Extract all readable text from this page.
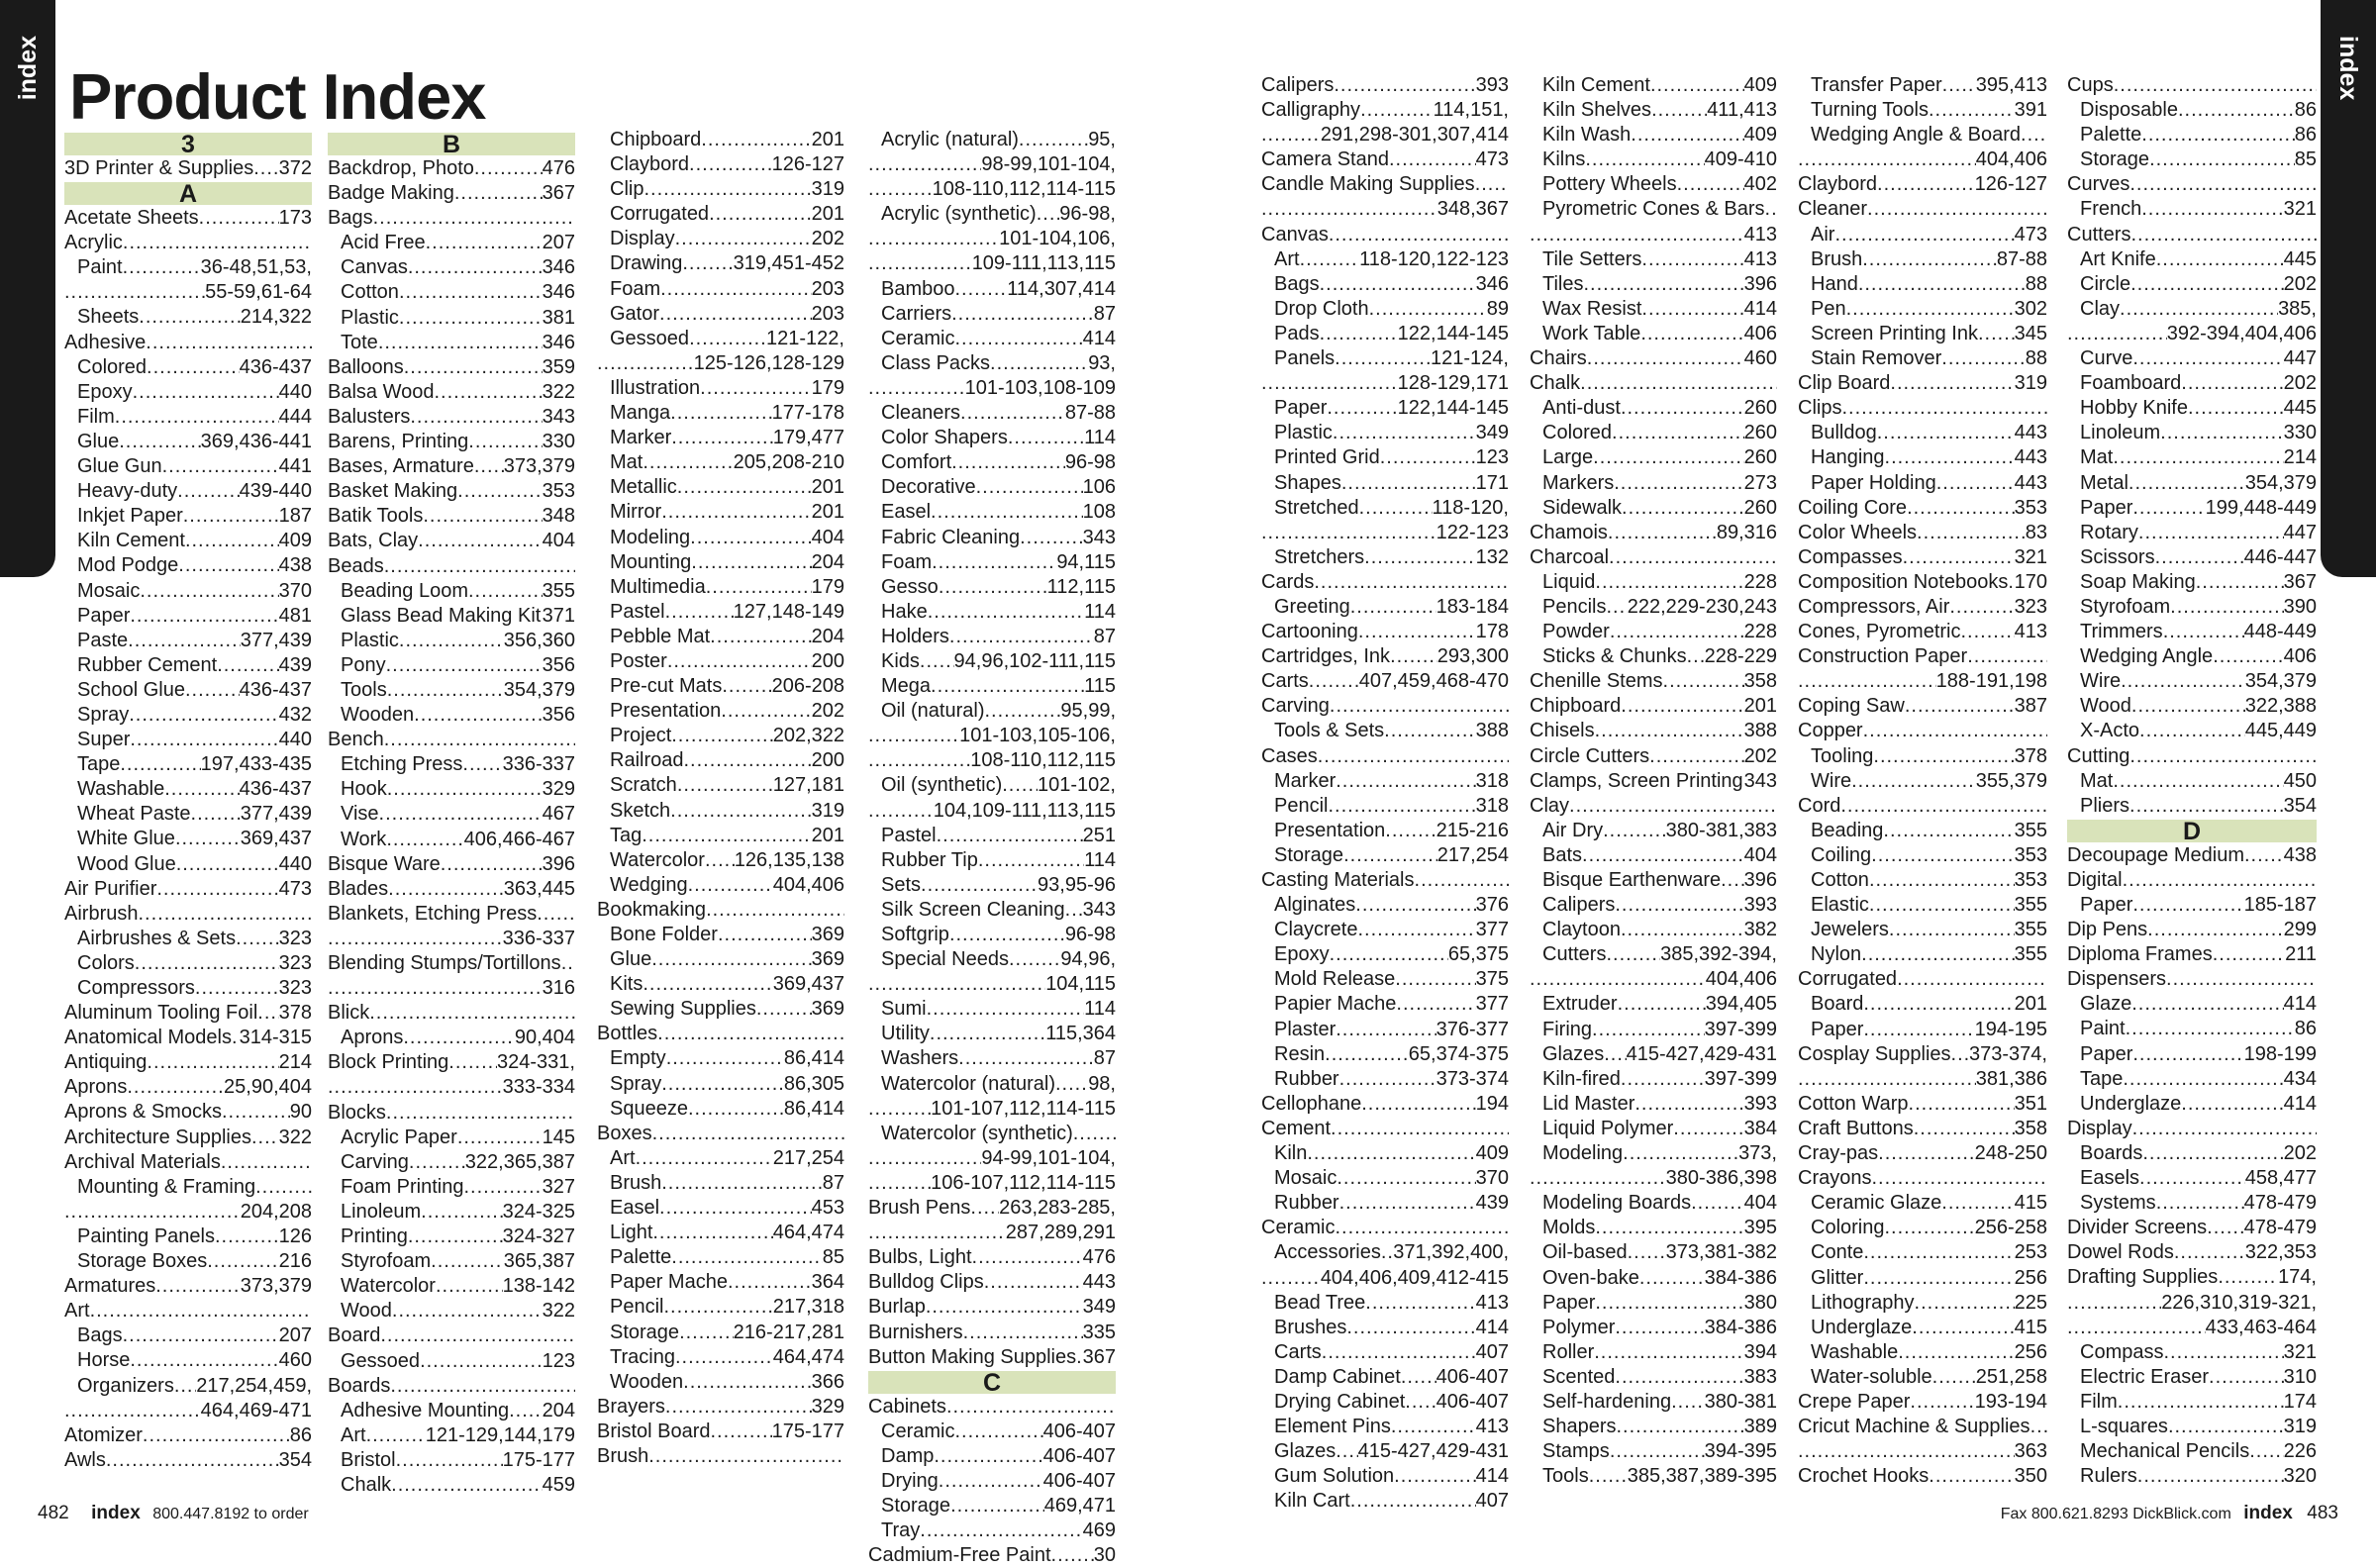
index	index
Product Index
3
3D Printer & Supplies ..... 372
A
Acetate Sheets .....	173
Acrylic
.....
Paint .....	36-48,51,53,
.....
55-59,61-64
Sheets .....	214,322
Adhesive
.....
Colored .....	436-437
Epoxy .....	440
Film .....	444
Glue .....	369,436-441
Glue Gun .....	441
Heavy-duty .....	439-440
Inkjet Paper .....	187
Kiln Cement .....	409
Mod Podge .....	438
Mosaic .....	370
Paper .....	481
Paste .....	377,439
Rubber Cement .....	439
School Glue .....	436-437
Spray .....	432
Super .....	440
Tape .....	197,433-435
Washable .....	436-437
Wheat Paste .....	377,439
White Glue .....	369,437
Wood Glue .....	440
Air Purifier .....	473
Airbrush
.....
Airbrushes & Sets ..... 323
Colors .....	323
Compressors .....	323
Aluminum Tooling Foil ..... 378
Anatomical Models ..... 314-315
Antiquing .....	214
Aprons .....	25,90,404
Aprons & Smocks .....	90
Architecture Supplies ..... 322
Archival Materials
.....
Mounting & Framing
.....
.....
204,208
Painting Panels .....	126
Storage Boxes .....	216
Armatures .....	373,379
Art
.....
Bags .....	207
Horse .....	460
Organizers ..... 217,254,459,
.....
464,469-471
Atomizer .....	86
Awls .....	354
B
Backdrop, Photo .....	476
Badge Making .....	367
Bags
.....
Acid Free .....	207
Canvas .....	346
Cotton .....	346
Plastic .....	381
Tote .....	346
Balloons .....	359
Balsa Wood .....	322
Balusters .....	343
Barens, Printing .....	330
Bases, Armature ..... 373,379
Basket Making .....	353
Batik Tools .....	348
Bats, Clay .....	404
Beads
.....
Beading Loom .....	355
Glass Bead Making Kit ..... 371
Plastic .....	356,360
Pony .....	356
Tools .....	354,379
Wooden .....	356
Bench
.....
Etching Press ..... 336-337
Hook .....	329
Vise .....	467
Work .....	406,466-467
Bisque Ware .....	396
Blades .....	363,445
Blankets, Etching Press
.....
.....
336-337
Blending Stumps/Tortillons
.....
.....
316
Blick
.....
Aprons .....	90,404
Block Printing ..... 324-331,
.....
333-334
Blocks
.....
Acrylic Paper .....	145
Carving .....	322,365,387
Foam Printing .....	327
Linoleum .....	324-325
Printing .....	324-327
Styrofoam .....	365,387
Watercolor .....	138-142
Wood .....	322
Board
.....
Gessoed .....	123
Boards
.....
Adhesive Mounting ..... 204
Art .....	121-129,144,179
Bristol .....	175-177
Chalk .....	459
Chipboard .....	201
Claybord .....	126-127
Clip .....	319
Corrugated .....	201
Display .....	202
Drawing .....	319,451-452
Foam .....	203
Gator .....	203
Gessoed .....	121-122,
.....
125-126,128-129
Illustration .....	179
Manga .....	177-178
Marker .....	179,477
Mat .....	205,208-210
Metallic .....	201
Mirror .....	201
Modeling .....	404
Mounting .....	204
Multimedia .....	179
Pastel .....	127,148-149
Pebble Mat .....	204
Poster .....	200
Pre-cut Mats .....	206-208
Presentation .....	202
Project .....	202,322
Railroad .....	200
Scratch .....	127,181
Sketch .....	319
Tag .....	201
Watercolor ..... 126,135,138
Wedging .....	404,406
Bookmaking
.....
Bone Folder .....	369
Glue .....	369
Kits .....	369,437
Sewing Supplies .....	369
Bottles
.....
Empty .....	86,414
Spray .....	86,305
Squeeze .....	86,414
Boxes
.....
Art .....	217,254
Brush .....	87
Easel .....	453
Light .....	464,474
Palette .....	85
Paper Mache .....	364
Pencil .....	217,318
Storage .....	216-217,281
Tracing .....	464,474
Wooden .....	366
Brayers .....	329
Bristol Board .....	175-177
Brush
.....
Acrylic (natural) .....	95,
.....
98-99,101-104,
.....
108-110,112,114-115
Acrylic (synthetic) ..... 96-98,
.....
101-104,106,
.....
109-111,113,115
Bamboo .....	114,307,414
Carriers .....	87
Ceramic .....	414
Class Packs .....	93,
.....
101-103,108-109
Cleaners .....	87-88
Color Shapers .....	114
Comfort .....	96-98
Decorative .....	106
Easel .....	108
Fabric Cleaning .....	343
Foam .....	94,115
Gesso .....	112,115
Hake .....	114
Holders .....	87
Kids ..... 94,96,102-111,115
Mega .....	115
Oil (natural) .....	95,99,
.....
101-103,105-106,
.....
108-110,112,115
Oil (synthetic) ..... 101-102,
.....
104,109-111,113,115
Pastel .....	251
Rubber Tip .....	114
Sets .....	93,95-96
Silk Screen Cleaning ..... 343
Softgrip .....	96-98
Special Needs .....	94,96,
.....
104,115
Sumi .....	114
Utility .....	115,364
Washers .....	87
Watercolor (natural) ..... 98,
.....
101-107,112,114-115
Watercolor (synthetic)
.....
.....
94-99,101-104,
.....
106-107,112,114-115
Brush Pens ..... 263,283-285,
.....
287,289,291
Bulbs, Light .....	476
Bulldog Clips .....	443
Burlap .....	349
Burnishers .....	335
Button Making Supplies ..... 367
C
Cabinets
.....
Ceramic .....	406-407
Damp .....	406-407
Drying .....	406-407
Storage .....	469,471
Tray .....	469
Cadmium-Free Paint ..... 30
Calipers .....	393
Calligraphy .....	114,151,
.....
291,298-301,307,414
Camera Stand .....	473
Candle Making Supplies
.....
.....
348,367
Canvas
.....
Art .....	118-120,122-123
Bags .....	346
Drop Cloth .....	89
Pads .....	122,144-145
Panels .....	121-124,
.....
128-129,171
Paper .....	122,144-145
Plastic .....	349
Printed Grid .....	123
Shapes .....	171
Stretched .....	118-120,
.....
122-123
Stretchers .....	132
Cards
.....
Greeting .....	183-184
Cartooning .....	178
Cartridges, Ink ..... 293,300
Carts .....	407,459,468-470
Carving
.....
Tools & Sets .....	388
Cases
.....
Marker .....	318
Pencil .....	318
Presentation .....	215-216
Storage .....	217,254
Casting Materials
.....
Alginates .....	376
Claycrete .....	377
Epoxy .....	65,375
Mold Release .....	375
Papier Mache .....	377
Plaster .....	376-377
Resin .....	65,374-375
Rubber .....	373-374
Cellophane .....	194
Cement
.....
Kiln .....	409
Mosaic .....	370
Rubber .....	439
Ceramic
.....
Accessories ..... 371,392,400,
.....
404,406,409,412-415
Bead Tree .....	413
Brushes .....	414
Carts .....	407
Damp Cabinet ..... 406-407
Drying Cabinet ..... 406-407
Element Pins .....	413
Glazes ..... 415-427,429-431
Gum Solution .....	414
Kiln Cart .....	407
Kiln Cement .....	409
Kiln Shelves .....	411,413
Kiln Wash .....	409
Kilns .....	409-410
Pottery Wheels .....	402
Pyrometric Cones & Bars
.....
.....
413
Tile Setters .....	413
Tiles .....	396
Wax Resist .....	414
Work Table .....	406
Chairs .....	460
Chalk
.....
Anti-dust .....	260
Colored .....	260
Large .....	260
Markers .....	273
Sidewalk .....	260
Chamois .....	89,316
Charcoal
.....
Liquid .....	228
Pencils ..... 222,229-230,243
Powder .....	228
Sticks & Chunks ..... 228-229
Chenille Stems .....	358
Chipboard .....	201
Chisels .....	388
Circle Cutters .....	202
Clamps, Screen Printing ..... 343
Clay
.....
Air Dry .....	380-381,383
Bats .....	404
Bisque Earthenware ..... 396
Calipers .....	393
Claytoon .....	382
Cutters .....	385,392-394,
.....
404,406
Extruder .....	394,405
Firing .....	397-399
Glazes ..... 415-427,429-431
Kiln-fired .....	397-399
Lid Master .....	393
Liquid Polymer .....	384
Modeling .....	373,
.....
380-386,398
Modeling Boards .....	404
Molds .....	395
Oil-based ..... 373,381-382
Oven-bake .....	384-386
Paper .....	380
Polymer .....	384-386
Roller .....	394
Scented .....	383
Self-hardening ..... 380-381
Shapers .....	389
Stamps .....	394-395
Tools ..... 385,387,389-395
Transfer Paper ..... 395,413
Turning Tools .....	391
Wedging Angle & Board
.....
.....
404,406
Claybord .....	126-127
Cleaner
.....
Air .....	473
Brush .....	87-88
Hand .....	88
Pen .....	302
Screen Printing Ink ..... 345
Stain Remover .....	88
Clip Board .....	319
Clips
.....
Bulldog .....	443
Hanging .....	443
Paper Holding .....	443
Coiling Core .....	353
Color Wheels .....	83
Compasses .....	321
Composition Notebooks ..... 170
Compressors, Air .....	323
Cones, Pyrometric .....	413
Construction Paper
.....
.....
188-191,198
Coping Saw .....	387
Copper
.....
Tooling .....	378
Wire .....	355,379
Cord
.....
Beading .....	355
Coiling .....	353
Cotton .....	353
Elastic .....	355
Jewelers .....	355
Nylon .....	355
Corrugated
.....
Board .....	201
Paper .....	194-195
Cosplay Supplies ..... 373-374,
.....
381,386
Cotton Warp .....	351
Craft Buttons .....	358
Cray-pas .....	248-250
Crayons
.....
Ceramic Glaze .....	415
Coloring .....	256-258
Conte .....	253
Glitter .....	256
Lithography .....	225
Underglaze .....	415
Washable .....	256
Water-soluble ..... 251,258
Crepe Paper .....	193-194
Cricut Machine & Supplies
.....
.....
363
Crochet Hooks .....	350
Cups
.....
Disposable .....	86
Palette .....	86
Storage .....	85
Curves
.....
French .....	321
Cutters
.....
Art Knife .....	445
Circle .....	202
Clay .....	385,
.....
392-394,404,406
Curve .....	447
Foamboard .....	202
Hobby Knife .....	445
Linoleum .....	330
Mat .....	214
Metal .....	354,379
Paper .....	199,448-449
Rotary .....	447
Scissors .....	446-447
Soap Making .....	367
Styrofoam .....	390
Trimmers .....	448-449
Wedging Angle .....	406
Wire .....	354,379
Wood .....	322,388
X-Acto .....	445,449
Cutting
.....
Mat .....	450
Pliers .....	354
D
Decoupage Medium ..... 438
Digital
.....
Paper .....	185-187
Dip Pens .....	299
Diploma Frames .....	211
Dispensers
.....
Glaze .....	414
Paint .....	86
Paper .....	198-199
Tape .....	434
Underglaze .....	414
Display
.....
Boards .....	202
Easels .....	458,477
Systems .....	478-479
Divider Screens ..... 478-479
Dowel Rods .....	322,353
Drafting Supplies .....	174,
.....
226,310,319-321,
.....
433,463-464
Compass .....	321
Electric Eraser .....	310
Film .....	174
L-squares .....	319
Mechanical Pencils ..... 226
Rulers .....	320
482 index 800.447.8192 to order	Fax 800.621.8293 DickBlick.com index 483
